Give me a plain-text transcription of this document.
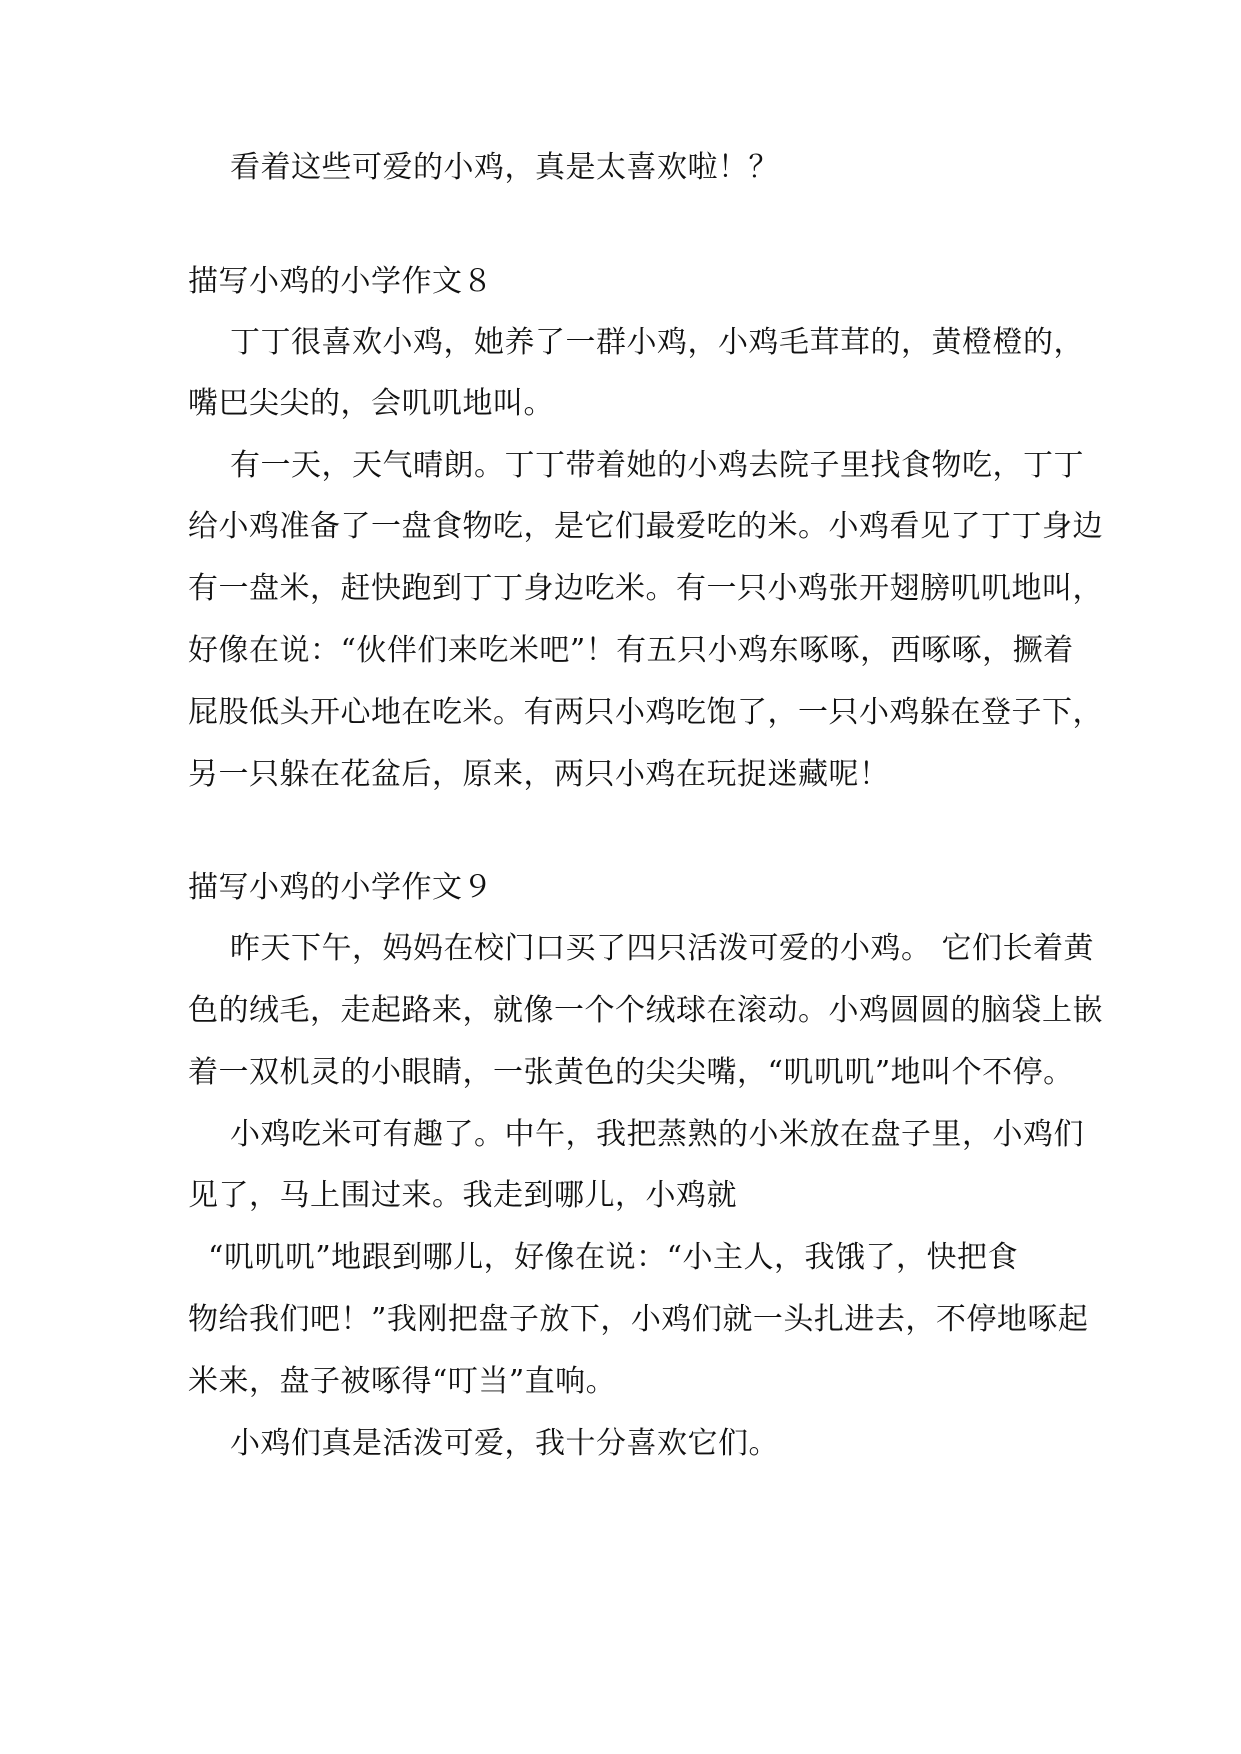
看着这些可爱的小鸡，真是太喜欢啦！？
描写小鸡的小学作文８
丁丁很喜欢小鸡，她养了一群小鸡，小鸡毛茸茸的，黄橙橙的，
嘴巴尖尖的，会叽叽地叫。
有一天，天气晴朗。丁丁带着她的小鸡去院子里找食物吃，丁丁
给小鸡准备了一盘食物吃，是它们最爱吃的米。小鸡看见了丁丁身边
有一盘米，赶快跑到丁丁身边吃米。有一只小鸡张开翅膀叽叽地叫，
好像在说：“伙伴们来吃米吧”！有五只小鸡东啄啄，西啄啄，撅着
屁股低头开心地在吃米。有两只小鸡吃饱了，一只小鸡躲在登子下，
另一只躲在花盆后，原来，两只小鸡在玩捉迷藏呢！
描写小鸡的小学作文９
昨天下午，妈妈在校门口买了四只活泼可爱的小鸡。 它们长着黄
色的绒毛，走起路来，就像一个个绒球在滚动。小鸡圆圆的脑袋上嵌
着一双机灵的小眼睛，一张黄色的尖尖嘴，“叽叽叽”地叫个不停。
小鸡吃米可有趣了。中午，我把蒸熟的小米放在盘子里，小鸡们
见了，马上围过来。我走到哪儿，小鸡就
“叽叽叽”地跟到哪儿，好像在说：“小主人，我饿了，快把食
物给我们吧！”我刚把盘子放下，小鸡们就一头扎进去，不停地啄起
米来，盘子被啄得“叮当”直响。
小鸡们真是活泼可爱，我十分喜欢它们。
